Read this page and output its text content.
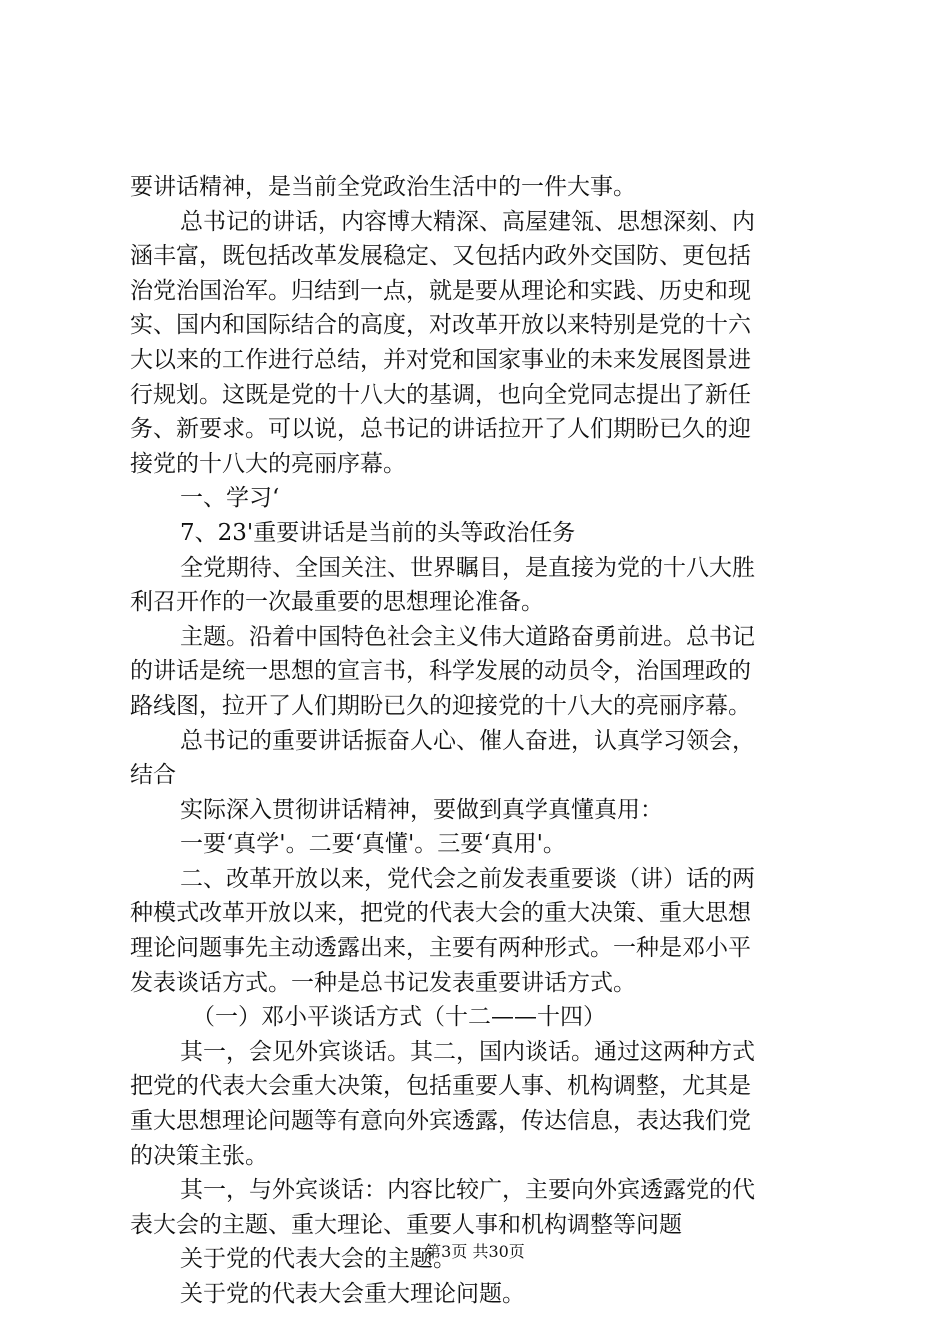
要讲话精神，是当前全党政治生活中的一件大事。
总书记的讲话，内容博大精深、高屋建瓴、思想深刻、内
涵丰富，既包括改革发展稳定、又包括内政外交国防、更包括
治党治国治军。归结到一点，就是要从理论和实践、历史和现
实、国内和国际结合的高度，对改革开放以来特别是党的十六
大以来的工作进行总结，并对党和国家事业的未来发展图景进
行规划。这既是党的十八大的基调，也向全党同志提出了新任
务、新要求。可以说，总书记的讲话拉开了人们期盼已久的迎
接党的十八大的亮丽序幕。
一、学习‘
7、23'重要讲话是当前的头等政治任务
全党期待、全国关注、世界瞩目，是直接为党的十八大胜
利召开作的一次最重要的思想理论准备。
主题。沿着中国特色社会主义伟大道路奋勇前进。总书记
的讲话是统一思想的宣言书，科学发展的动员令，治国理政的
路线图，拉开了人们期盼已久的迎接党的十八大的亮丽序幕。
总书记的重要讲话振奋人心、催人奋进，认真学习领会，
结合
实际深入贯彻讲话精神，要做到真学真懂真用：
一要‘真学'。二要‘真懂'。三要‘真用'。
二、改革开放以来，党代会之前发表重要谈（讲）话的两
种模式改革开放以来，把党的代表大会的重大决策、重大思想
理论问题事先主动透露出来，主要有两种形式。一种是邓小平
发表谈话方式。一种是总书记发表重要讲话方式。
（一）邓小平谈话方式（十二——十四）
其一，会见外宾谈话。其二，国内谈话。通过这两种方式
把党的代表大会重大决策，包括重要人事、机构调整，尤其是
重大思想理论问题等有意向外宾透露，传达信息，表达我们党
的决策主张。
其一，与外宾谈话：内容比较广，主要向外宾透露党的代
表大会的主题、重大理论、重要人事和机构调整等问题
关于党的代表大会的主题。
关于党的代表大会重大理论问题。
第3页 共30页
